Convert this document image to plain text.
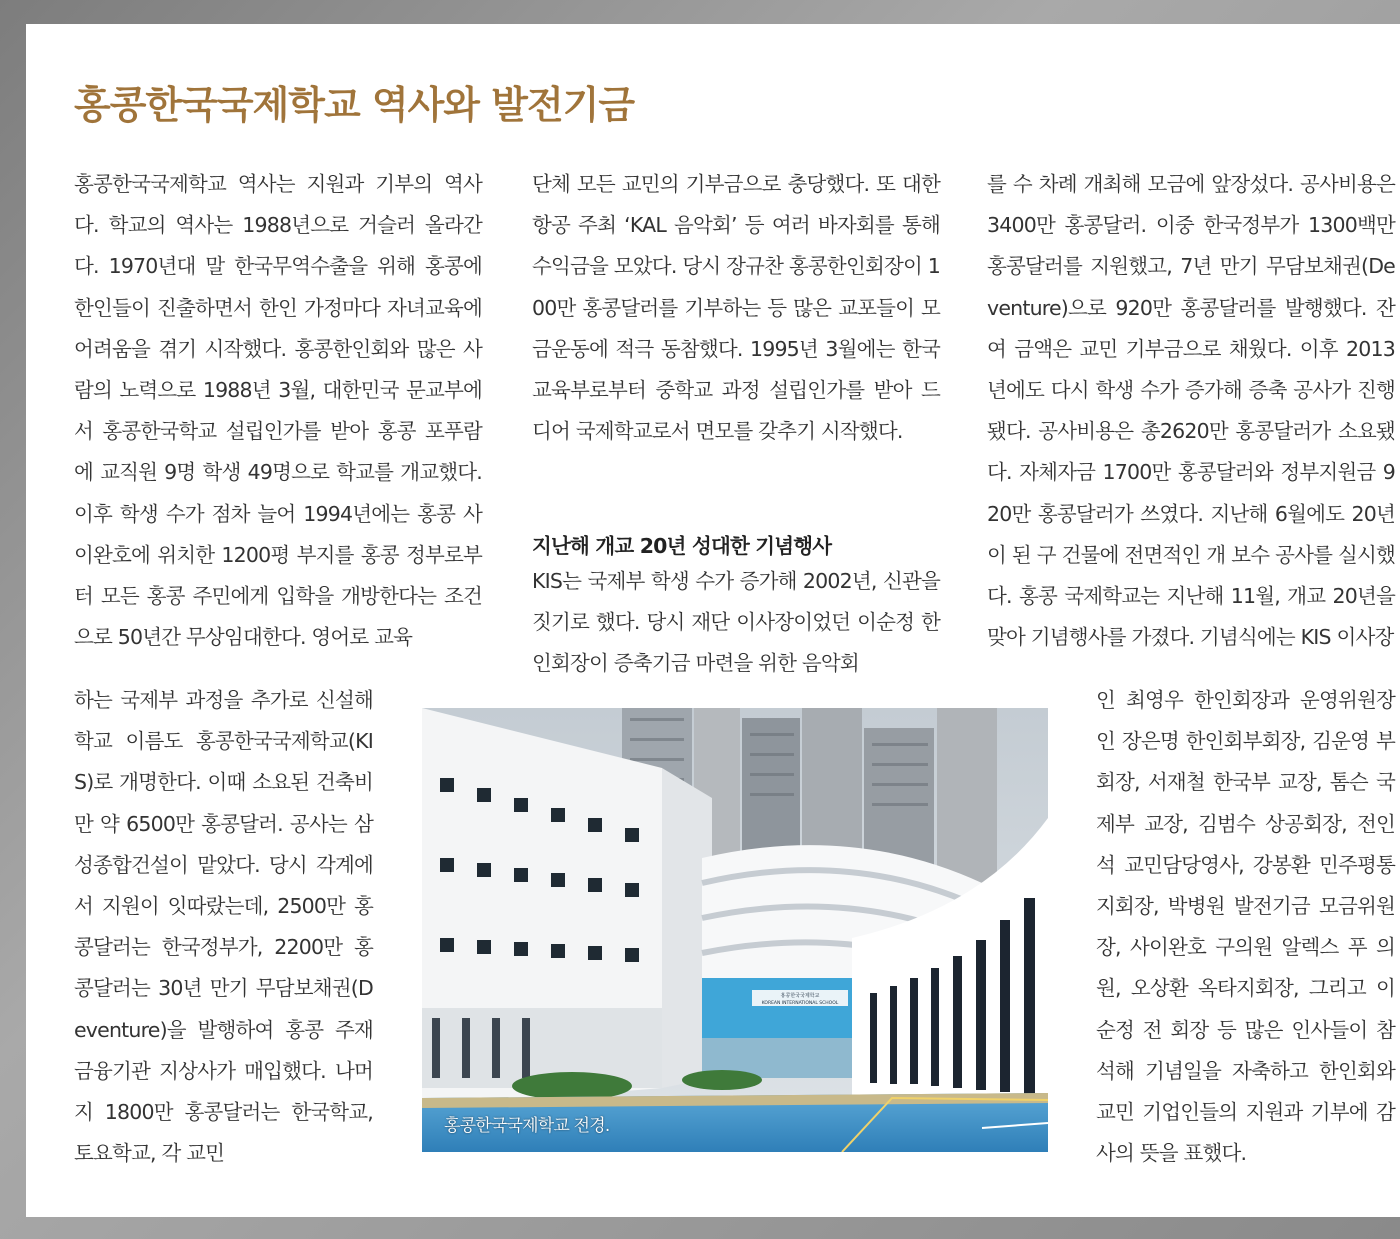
홍콩한국국제학교 역사와 발전기금

홍콩한국국제학교 역사는 지원과 기부의 역사다. 학교의 역사는 1988년으로 거슬러 올라간다. 1970년대 말 한국무역수출을 위해 홍콩에 한인들이 진출하면서 한인 가정마다 자녀교육에 어려움을 겪기 시작했다. 홍콩한인회와 많은 사람의 노력으로 1988년 3월, 대한민국 문교부에서 홍콩한국학교 설립인가를 받아 홍콩 포푸람에 교직원 9명 학생 49명으로 학교를 개교했다. 이후 학생 수가 점차 늘어 1994년에는 홍콩 사이완호에 위치한 1200평 부지를 홍콩 정부로부터 모든 홍콩 주민에게 입학을 개방한다는 조건으로 50년간 무상임대한다. 영어로 교육

하는 국제부 과정을 추가로 신설해 학교 이름도 홍콩한국국제학교(KIS)로 개명한다. 이때 소요된 건축비만 약 6500만 홍콩달러. 공사는 삼성종합건설이 맡았다. 당시 각계에서 지원이 잇따랐는데, 2500만 홍콩달러는 한국정부가, 2200만 홍콩달러는 30년 만기 무담보채권(Deventure)을 발행하여 홍콩 주재 금융기관 지상사가 매입했다. 나머지 1800만 홍콩달러는 한국학교, 토요학교, 각 교민

단체 모든 교민의 기부금으로 충당했다. 또 대한항공 주최 ‘KAL 음악회’ 등 여러 바자회를 통해 수익금을 모았다. 당시 장규찬 홍콩한인회장이 100만 홍콩달러를 기부하는 등 많은 교포들이 모금운동에 적극 동참했다. 1995년 3월에는 한국 교육부로부터 중학교 과정 설립인가를 받아 드디어 국제학교로서 면모를 갖추기 시작했다.

지난해 개교 20년 성대한 기념행사

KIS는 국제부 학생 수가 증가해 2002년, 신관을 짓기로 했다. 당시 재단 이사장이었던 이순정 한인회장이 증축기금 마련을 위한 음악회

를 수 차례 개최해 모금에 앞장섰다. 공사비용은 3400만 홍콩달러. 이중 한국정부가 1300백만 홍콩달러를 지원했고, 7년 만기 무담보채권(Deventure)으로 920만 홍콩달러를 발행했다. 잔여 금액은 교민 기부금으로 채웠다. 이후 2013년에도 다시 학생 수가 증가해 증축 공사가 진행됐다. 공사비용은 총2620만 홍콩달러가 소요됐다. 자체자금 1700만 홍콩달러와 정부지원금 920만 홍콩달러가 쓰였다. 지난해 6월에도 20년이 된 구 건물에 전면적인 개 보수 공사를 실시했다. 홍콩 국제학교는 지난해 11월, 개교 20년을 맞아 기념행사를 가졌다. 기념식에는 KIS 이사장

인 최영우 한인회장과 운영위원장인 장은명 한인회부회장, 김운영 부회장, 서재철 한국부 교장, 톰슨 국제부 교장, 김범수 상공회장, 전인석 교민담당영사, 강봉환 민주평통지회장, 박병원 발전기금 모금위원장, 사이완호 구의원 알렉스 푸 의원, 오상환 옥타지회장, 그리고 이순정 전 회장 등 많은 인사들이 참석해 기념일을 자축하고 한인회와 교민 기업인들의 지원과 기부에 감사의 뜻을 표했다.

홍콩한국국제학교
KOREAN INTERNATIONAL SCHOOL
홍콩한국국제학교 전경.
